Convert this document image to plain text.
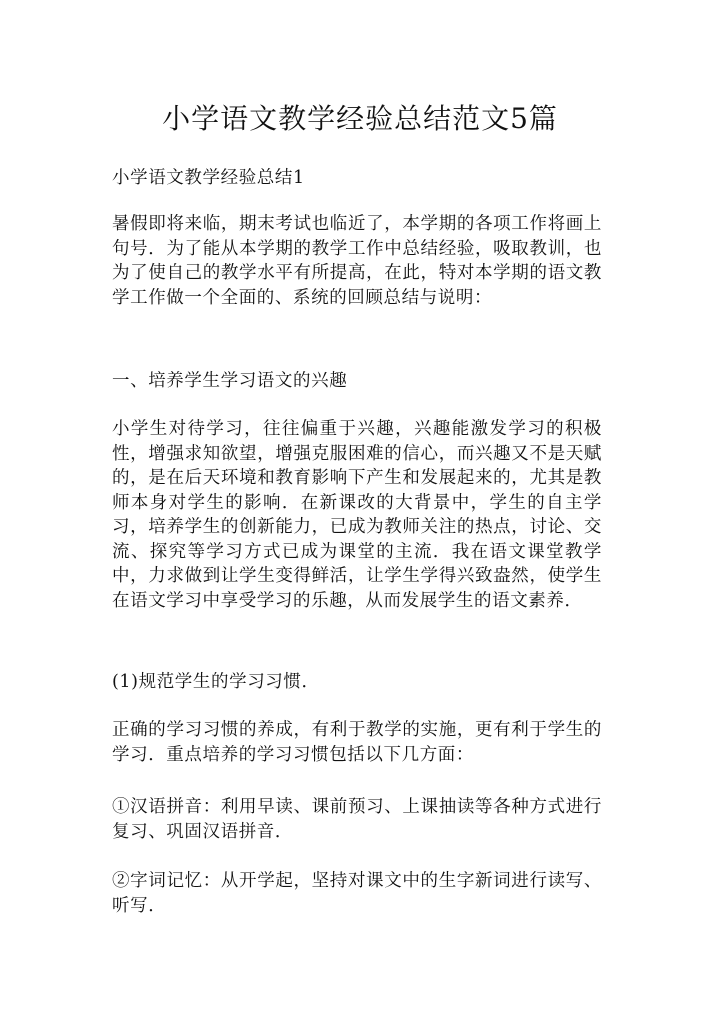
小学语文教学经验总结范文5篇

小学语文教学经验总结1

暑假即将来临，期末考试也临近了，本学期的各项工作将画上句号．为了能从本学期的教学工作中总结经验，吸取教训，也为了使自己的教学水平有所提高，在此，特对本学期的语文教学工作做一个全面的、系统的回顾总结与说明：

一、培养学生学习语文的兴趣

小学生对待学习，往往偏重于兴趣，兴趣能激发学习的积极性，增强求知欲望，增强克服困难的信心，而兴趣又不是天赋的，是在后天环境和教育影响下产生和发展起来的，尤其是教师本身对学生的影响．在新课改的大背景中，学生的自主学习，培养学生的创新能力，已成为教师关注的热点，讨论、交流、探究等学习方式已成为课堂的主流．我在语文课堂教学中，力求做到让学生变得鲜活，让学生学得兴致盎然，使学生在语文学习中享受学习的乐趣，从而发展学生的语文素养．

(1)规范学生的学习习惯．

正确的学习习惯的养成，有利于教学的实施，更有利于学生的学习．重点培养的学习习惯包括以下几方面：

①汉语拼音：利用早读、课前预习、上课抽读等各种方式进行复习、巩固汉语拼音．

②字词记忆：从开学起，坚持对课文中的生字新词进行读写、听写．
